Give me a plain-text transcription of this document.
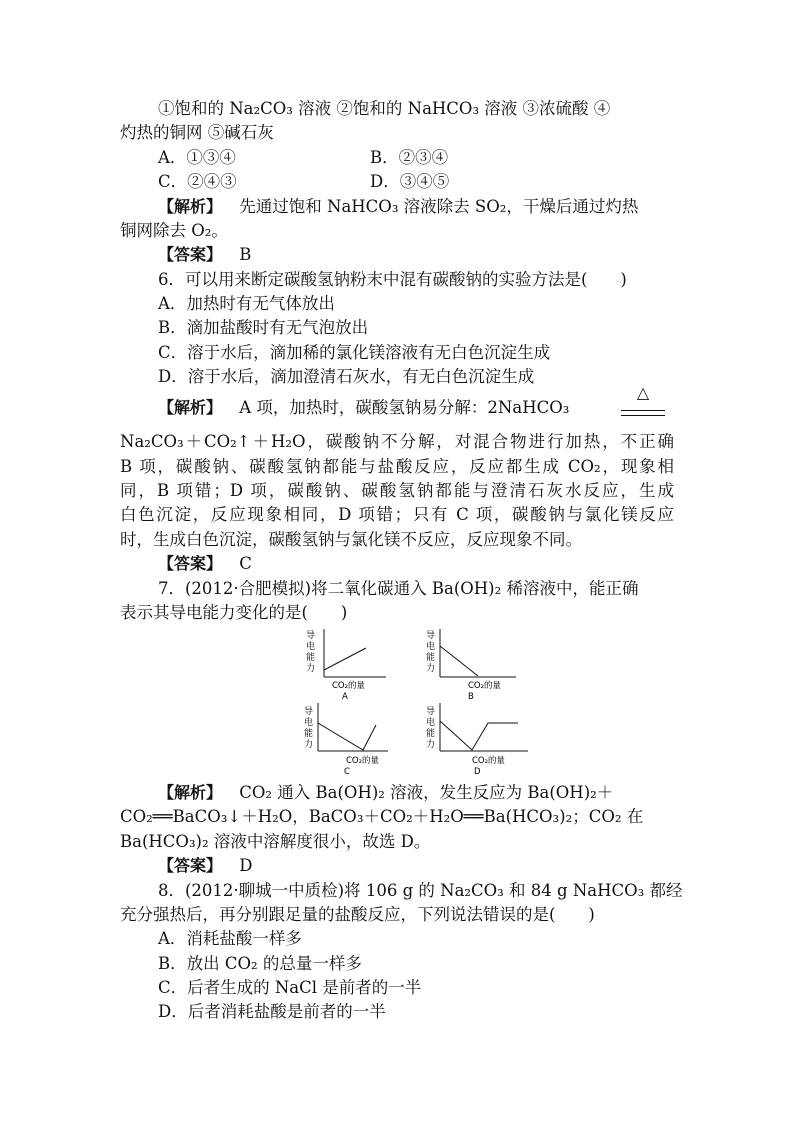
①饱和的 Na₂CO₃ 溶液 ②饱和的 NaHCO₃ 溶液 ③浓硫酸 ④
灼热的铜网 ⑤碱石灰
A．①③④	B．②③④
C．②④③	D．③④⑤
【解析】 先通过饱和 NaHCO₃ 溶液除去 SO₂，干燥后通过灼热
铜网除去 O₂。
【答案】 B
6．可以用来断定碳酸氢钠粉末中混有碳酸钠的实验方法是(　　)
A．加热时有无气体放出
B．滴加盐酸时有无气泡放出
C．溶于水后，滴加稀的氯化镁溶液有无白色沉淀生成
D．溶于水后，滴加澄清石灰水，有无白色沉淀生成
【解析】 A 项，加热时，碳酸氢钠易分解：2NaHCO₃
△
Na₂CO₃＋CO₂↑＋H₂O，碳酸钠不分解，对混合物进行加热，不正确
B 项，碳酸钠、碳酸氢钠都能与盐酸反应，反应都生成 CO₂，现象相
同，B 项错；D 项，碳酸钠、碳酸氢钠都能与澄清石灰水反应，生成
白色沉淀，反应现象相同，D 项错；只有 C 项，碳酸钠与氯化镁反应
时，生成白色沉淀，碳酸氢钠与氯化镁不反应，反应现象不同。
【答案】 C
7．(2012·合肥模拟)将二氧化碳通入 Ba(OH)₂ 稀溶液中，能正确
表示其导电能力变化的是(　　)
导
电
能
力
CO₂的量
A
导
电
能
力
CO₂的量
B
导
电
能
力
CO₂的量
C
导
电
能
力
CO₂的量
D
【解析】 CO₂ 通入 Ba(OH)₂ 溶液，发生反应为 Ba(OH)₂＋
CO₂══BaCO₃↓＋H₂O，BaCO₃＋CO₂＋H₂O══Ba(HCO₃)₂；CO₂ 在
Ba(HCO₃)₂ 溶液中溶解度很小，故选 D。
【答案】 D
8．(2012·聊城一中质检)将 106 g 的 Na₂CO₃ 和 84 g NaHCO₃ 都经
充分强热后，再分别跟足量的盐酸反应，下列说法错误的是(　　)
A．消耗盐酸一样多
B．放出 CO₂ 的总量一样多
C．后者生成的 NaCl 是前者的一半
D．后者消耗盐酸是前者的一半
